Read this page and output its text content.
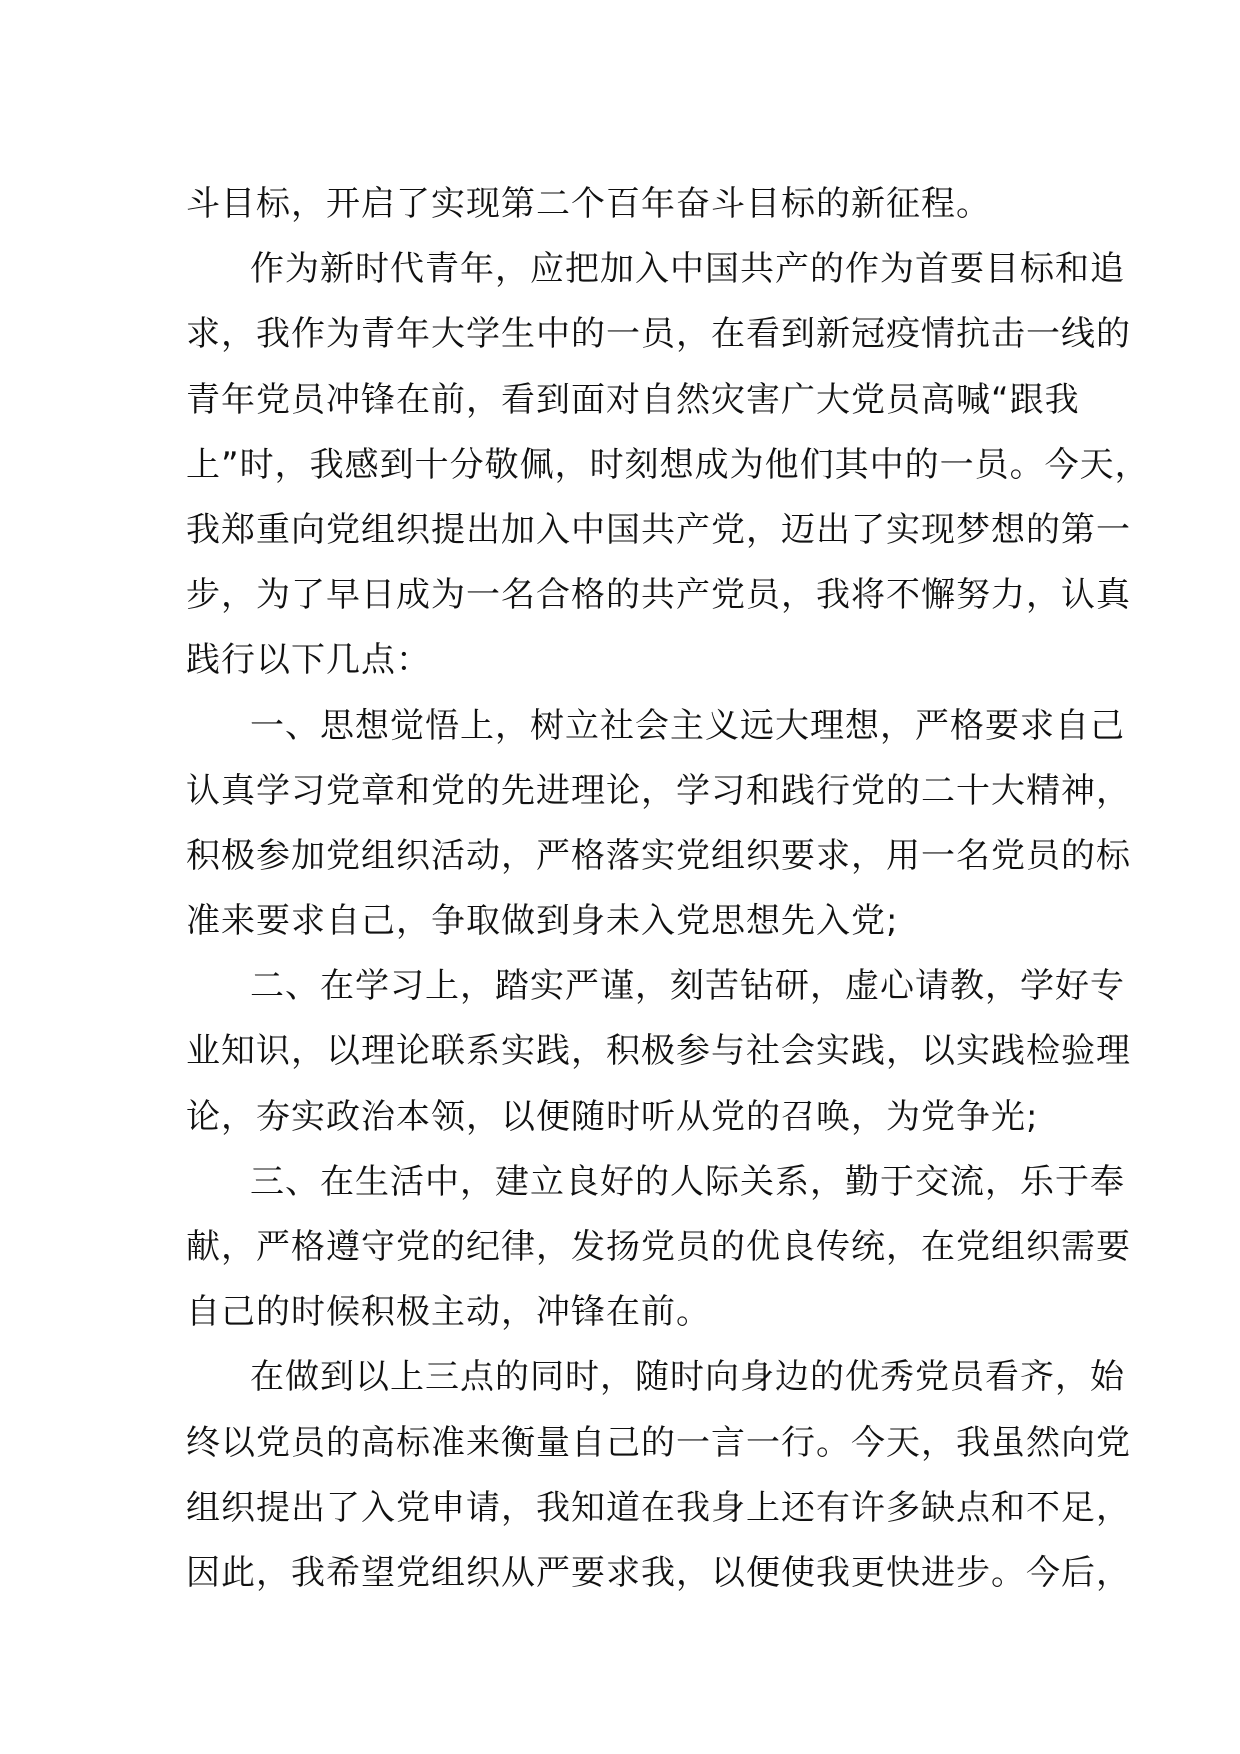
斗目标，开启了实现第二个百年奋斗目标的新征程。
作为新时代青年，应把加入中国共产的作为首要目标和追
求，我作为青年大学生中的一员，在看到新冠疫情抗击一线的
青年党员冲锋在前，看到面对自然灾害广大党员高喊“跟我
上”时，我感到十分敬佩，时刻想成为他们其中的一员。今天，
我郑重向党组织提出加入中国共产党，迈出了实现梦想的第一
步，为了早日成为一名合格的共产党员，我将不懈努力，认真
践行以下几点：
一、思想觉悟上，树立社会主义远大理想，严格要求自己
认真学习党章和党的先进理论，学习和践行党的二十大精神，
积极参加党组织活动，严格落实党组织要求，用一名党员的标
准来要求自己，争取做到身未入党思想先入党;
二、在学习上，踏实严谨，刻苦钻研，虚心请教，学好专
业知识，以理论联系实践，积极参与社会实践，以实践检验理
论，夯实政治本领，以便随时听从党的召唤，为党争光;
三、在生活中，建立良好的人际关系，勤于交流，乐于奉
献，严格遵守党的纪律，发扬党员的优良传统，在党组织需要
自己的时候积极主动，冲锋在前。
在做到以上三点的同时，随时向身边的优秀党员看齐，始
终以党员的高标准来衡量自己的一言一行。今天，我虽然向党
组织提出了入党申请，我知道在我身上还有许多缺点和不足，
因此，我希望党组织从严要求我，以便使我更快进步。今后，
